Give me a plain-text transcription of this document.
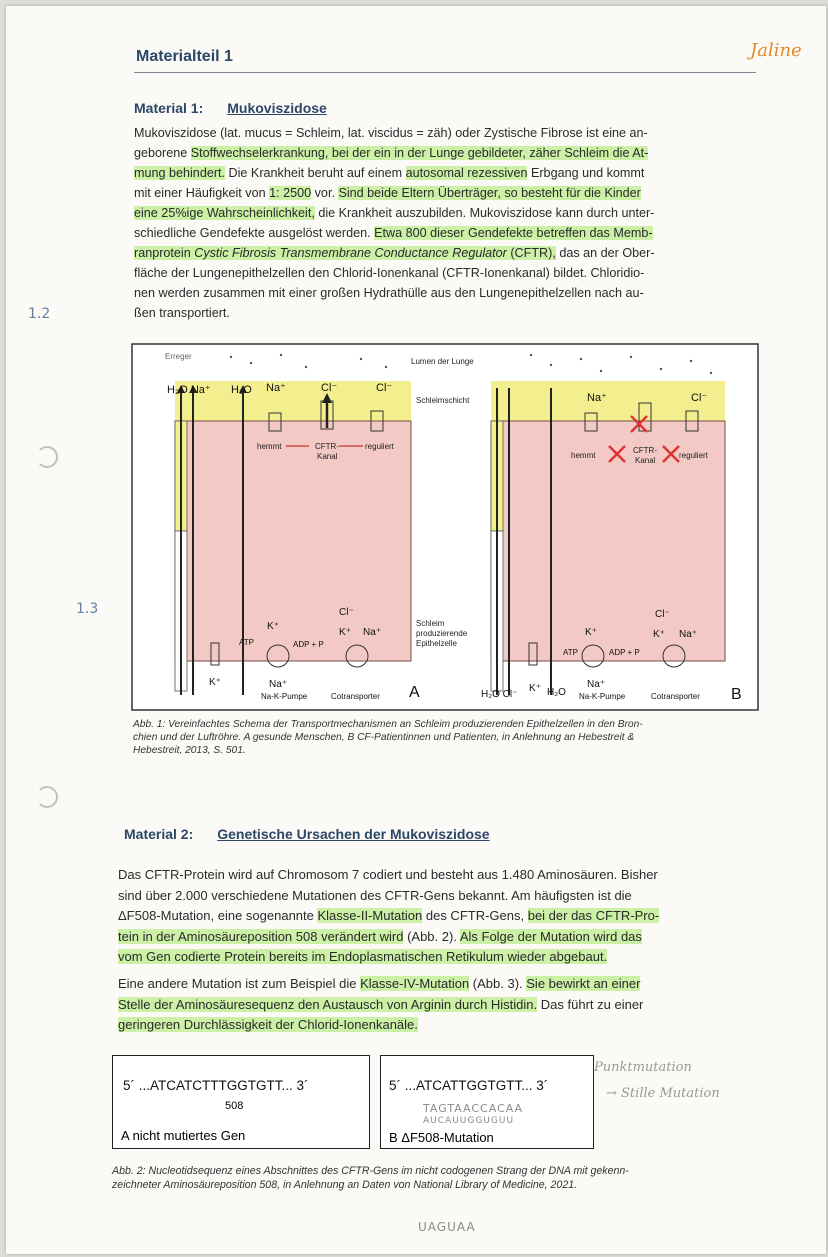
Materialteil 1	Jaline
1.2
1.3
Material 1: Mukoviszidose
Mukoviszidose (lat. mucus = Schleim, lat. viscidus = zäh) oder Zystische Fibrose ist eine an-
geborene Stoffwechselerkrankung, bei der ein in der Lunge gebildeter, zäher Schleim die At-
mung behindert. Die Krankheit beruht auf einem autosomal rezessiven Erbgang und kommt
mit einer Häufigkeit von 1: 2500 vor. Sind beide Eltern Überträger, so besteht für die Kinder
eine 25%ige Wahrscheinlichkeit, die Krankheit auszubilden. Mukoviszidose kann durch unter-
schiedliche Gendefekte ausgelöst werden. Etwa 800 dieser Gendefekte betreffen das Memb-
ranprotein Cystic Fibrosis Transmembrane Conductance Regulator (CFTR), das an der Ober-
fläche der Lungenepithelzellen den Chlorid-Ionenkanal (CFTR-Ionenkanal) bildet. Chloridio-
nen werden zusammen mit einer großen Hydrathülle aus den Lungenepithelzellen nach au-
ßen transportiert.
Erreger
Lumen der Lunge
Schleimschicht
Schleim
produzierende
Epithelzelle
H₂O Na⁺ H₂O Na⁺	Cl⁻	Cl⁻
hemmt	reguliert
CFTR-
Kanal
K⁺
ATP	ADP + P
Cl⁻
K⁺ Na⁺
K⁺	Na⁺
Na-K-Pumpe	Cotransporter A
Na⁺	Cl⁻
hemmt	reguliert
CFTR-
Kanal
K⁺
ATP	ADP + P
Cl⁻
K⁺ Na⁺
H₂O Cl⁻
K⁺ H₂O
Na⁺
Na-K-Pumpe	Cotransporter B
Abb. 1: Vereinfachtes Schema der Transportmechanismen an Schleim produzierenden Epithelzellen in den Bron-
chien und der Luftröhre. A gesunde Menschen, B CF-Patientinnen und Patienten, in Anlehnung an Hebestreit &
Hebestreit, 2013, S. 501.
Material 2: Genetische Ursachen der Mukoviszidose
Das CFTR-Protein wird auf Chromosom 7 codiert und besteht aus 1.480 Aminosäuren. Bisher
sind über 2.000 verschiedene Mutationen des CFTR-Gens bekannt. Am häufigsten ist die
ΔF508-Mutation, eine sogenannte Klasse-II-Mutation des CFTR-Gens, bei der das CFTR-Pro-
tein in der Aminosäureposition 508 verändert wird (Abb. 2). Als Folge der Mutation wird das
vom Gen codierte Protein bereits im Endoplasmatischen Retikulum wieder abgebaut.
Eine andere Mutation ist zum Beispiel die Klasse-IV-Mutation (Abb. 3). Sie bewirkt an einer
Stelle der Aminosäuresequenz den Austausch von Arginin durch Histidin. Das führt zu einer
geringeren Durchlässigkeit der Chlorid-Ionenkanäle.
5´ ...ATCATCTTTGGTGTT... 3´
508
A nicht mutiertes Gen
5´ ...ATCATTGGTGTT... 3´
TAGTAACCACAA
AUCAUUGGUGUU
B ΔF508-Mutation
Punktmutation
→ Stille Mutation
Abb. 2: Nucleotidsequenz eines Abschnittes des CFTR-Gens im nicht codogenen Strang der DNA mit gekenn-
zeichneter Aminosäureposition 508, in Anlehnung an Daten von National Library of Medicine, 2021.
UAGUAA
